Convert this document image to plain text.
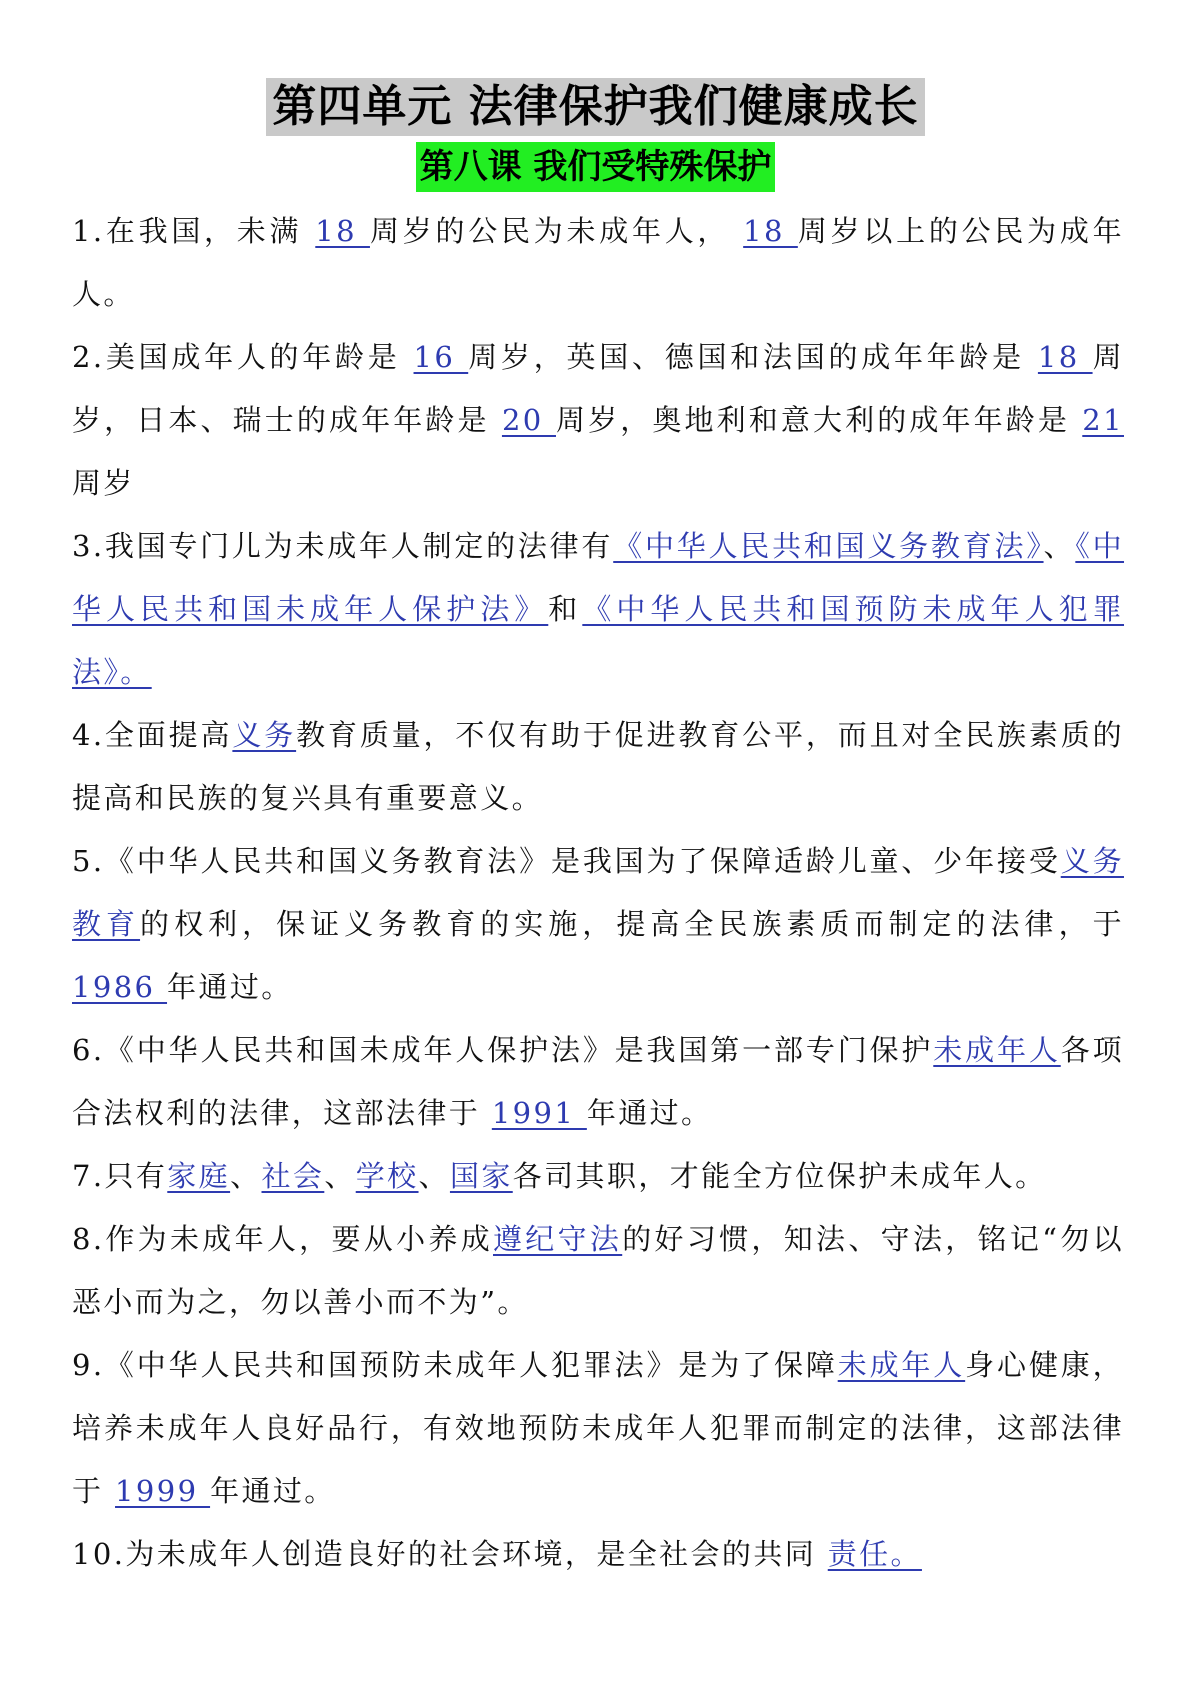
第四单元 法律保护我们健康成长
第八课 我们受特殊保护

1.在我国，未满 18 周岁的公民为未成年人， 18 周岁以上的公民为成年人。

2.美国成年人的年龄是 16 周岁，英国、德国和法国的成年年龄是 18 周岁，日本、瑞士的成年年龄是 20 周岁，奥地利和意大利的成年年龄是 21 周岁

3.我国专门儿为未成年人制定的法律有《中华人民共和国义务教育法》、《中华人民共和国未成年人保护法》和《中华人民共和国预防未成年人犯罪法》。

4.全面提高义务教育质量，不仅有助于促进教育公平，而且对全民族素质的提高和民族的复兴具有重要意义。

5.《中华人民共和国义务教育法》是我国为了保障适龄儿童、少年接受义务教育的权利，保证义务教育的实施，提高全民族素质而制定的法律，于 1986 年通过。

6.《中华人民共和国未成年人保护法》是我国第一部专门保护未成年人各项合法权利的法律，这部法律于 1991 年通过。

7.只有家庭、社会、学校、国家各司其职，才能全方位保护未成年人。

8.作为未成年人，要从小养成遵纪守法的好习惯，知法、守法，铭记“勿以恶小而为之，勿以善小而不为”。

9.《中华人民共和国预防未成年人犯罪法》是为了保障未成年人身心健康，培养未成年人良好品行，有效地预防未成年人犯罪而制定的法律，这部法律于 1999 年通过。

10.为未成年人创造良好的社会环境，是全社会的共同 责任。
